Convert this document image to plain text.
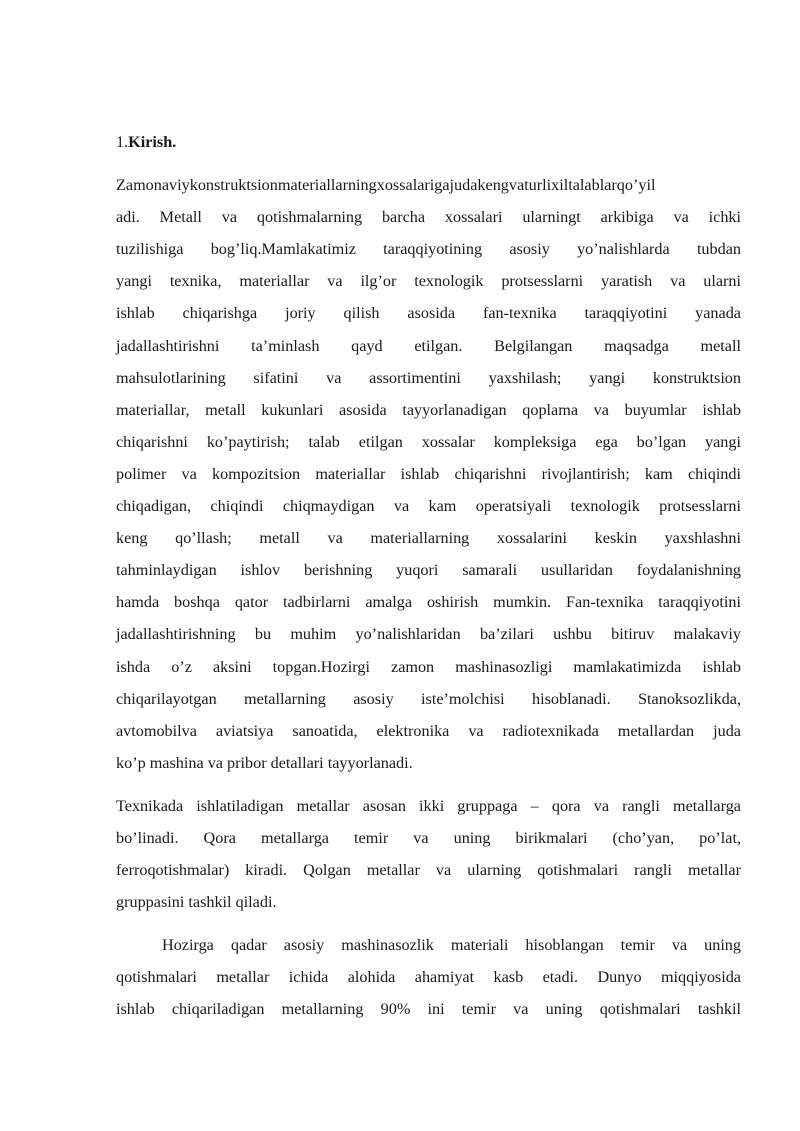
1.Kirish.

Zamonaviykonstruktsionmateriallarningxossalarigajudakengvaturlixiltalablarqo’yil
adi. Metall va qotishmalarning barcha xossalari ularningt arkibiga va ichki
tuzilishiga bog’liq.Mamlakatimiz taraqqiyotining asosiy yo’nalishlarda tubdan
yangi texnika, materiallar va ilg’or texnologik protsesslarni yaratish va ularni
ishlab chiqarishga joriy qilish asosida fan-texnika taraqqiyotini yanada
jadallashtirishni ta’minlash qayd etilgan. Belgilangan maqsadga metall
mahsulotlarining sifatini va assortimentini yaxshilash; yangi konstruktsion
materiallar, metall kukunlari asosida tayyorlanadigan qoplama va buyumlar ishlab
chiqarishni ko’paytirish; talab etilgan xossalar kompleksiga ega bo’lgan yangi
polimer va kompozitsion materiallar ishlab chiqarishni rivojlantirish; kam chiqindi
chiqadigan, chiqindi chiqmaydigan va kam operatsiyali texnologik protsesslarni
keng qo’llash; metall va materiallarning xossalarini keskin yaxshlashni
tahminlaydigan ishlov berishning yuqori samarali usullaridan foydalanishning
hamda boshqa qator tadbirlarni amalga oshirish mumkin. Fan-texnika taraqqiyotini
jadallashtirishning bu muhim yo’nalishlaridan ba’zilari ushbu bitiruv malakaviy
ishda o’z aksini topgan.Hozirgi zamon mashinasozligi mamlakatimizda ishlab
chiqarilayotgan metallarning asosiy iste’molchisi hisoblanadi. Stanoksozlikda,
avtomobilva aviatsiya sanoatida, elektronika va radiotexnikada metallardan juda
ko’p mashina va pribor detallari tayyorlanadi.

Texnikada ishlatiladigan metallar asosan ikki gruppaga – qora va rangli metallarga
bo’linadi. Qora metallarga temir va uning birikmalari (cho’yan, po’lat,
ferroqotishmalar) kiradi. Qolgan metallar va ularning qotishmalari rangli metallar
gruppasini tashkil qiladi.

Hozirga qadar asosiy mashinasozlik materiali hisoblangan temir va uning
qotishmalari metallar ichida alohida ahamiyat kasb etadi. Dunyo miqqiyosida
ishlab chiqariladigan metallarning 90% ini temir va uning qotishmalari tashkil
